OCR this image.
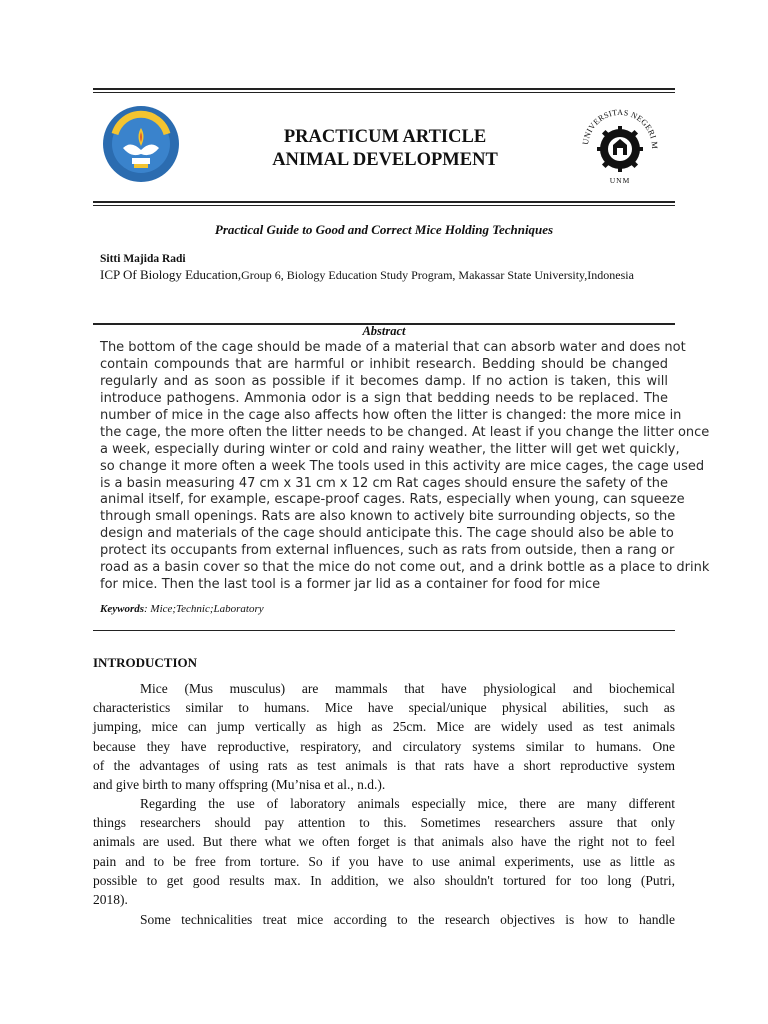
PRACTICUM ARTICLE
ANIMAL DEVELOPMENT
UNIVERSITAS NEGERI M
UNM
Practical Guide to Good and Correct Mice Holding Techniques
Sitti Majida Radi
ICP Of Biology Education,Group 6, Biology Education Study Program, Makassar State University,Indonesia
Abstract
The bottom of the cage should be made of a material that can absorb water and does not
contain compounds that are harmful or inhibit research. Bedding should be changed
regularly and as soon as possible if it becomes damp. If no action is taken, this will
introduce pathogens. Ammonia odor is a sign that bedding needs to be replaced. The
number of mice in the cage also affects how often the litter is changed: the more mice in
the cage, the more often the litter needs to be changed. At least if you change the litter once
a week, especially during winter or cold and rainy weather, the litter will get wet quickly,
so change it more often a week The tools used in this activity are mice cages, the cage used
is a basin measuring 47 cm x 31 cm x 12 cm Rat cages should ensure the safety of the
animal itself, for example, escape-proof cages. Rats, especially when young, can squeeze
through small openings. Rats are also known to actively bite surrounding objects, so the
design and materials of the cage should anticipate this. The cage should also be able to
protect its occupants from external influences, such as rats from outside, then a rang or
road as a basin cover so that the mice do not come out, and a drink bottle as a place to drink
for mice. Then the last tool is a former jar lid as a container for food for mice
Keywords: Mice;Technic;Laboratory
INTRODUCTION
Mice (Mus musculus) are mammals that have physiological and biochemical
characteristics similar to humans. Mice have special/unique physical abilities, such as
jumping, mice can jump vertically as high as 25cm. Mice are widely used as test animals
because they have reproductive, respiratory, and circulatory systems similar to humans. One
of the advantages of using rats as test animals is that rats have a short reproductive system
and give birth to many offspring (Mu’nisa et al., n.d.).
Regarding the use of laboratory animals especially mice, there are many different
things researchers should pay attention to this. Sometimes researchers assure that only
animals are used. But there what we often forget is that animals also have the right not to feel
pain and to be free from torture. So if you have to use animal experiments, use as little as
possible to get good results max. In addition, we also shouldn't tortured for too long (Putri,
2018).
Some technicalities treat mice according to the research objectives is how to handle
